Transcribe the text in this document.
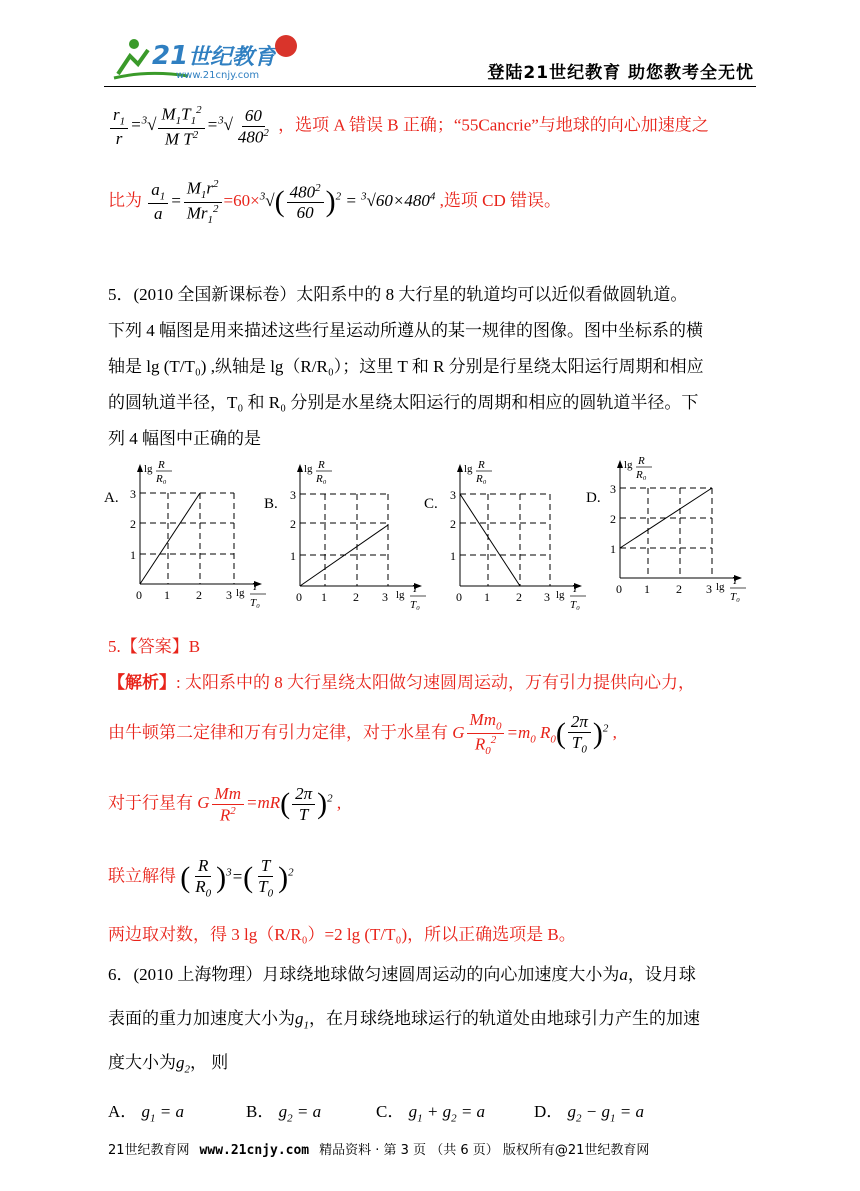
21 世纪教育
www.21cnjy.com	登陆21世纪教育 助您教考全无忧
$\frac{r_1}{r} =^3√ \frac{M_1T_1^2}{M T^2} =^3√ \frac{60}{480^2}$ ，选项 A 错误 B 正确；“55Cancrie”与地球的向心加速度之
比为 $\frac{a_1}{a} = \frac{M_1r^2}{Mr_1^2} =60\times^3√( \frac{480^2}{60} )^2 = ^3√60\times 480^4$ ,选项 CD 错误。
5．(2010 全国新课标卷）太阳系中的 8 大行星的轨道均可以近似看做圆轨道。
下列 4 幅图是用来描述这些行星运动所遵从的某一规律的图像。图中坐标系的横
轴是 lg (T/T₀) ,纵轴是 lg（R/R₀）；这里 T 和 R 分别是行星绕太阳运行周期和相应
的圆轨道半径，T₀ 和 R₀ 分别是水星绕太阳运行的周期和相应的圆轨道半径。下
列 4 幅图中正确的是
A. 3
2
1
0 1 2 3
lg R
R₀
lg T
T₀
B.
3
2
1
0 1 2 3
lg R
R₀
lg T
T₀
C.
3
2
1
0 1 2 3
lg R
R₀
lg T
T₀
D.
3
2
1
0 1 2 3
lg R
R₀
lg T
T₀
5.【答案】B
【解析】: 太阳系中的 8 大行星绕太阳做匀速圆周运动，万有引力提供向心力，
由牛顿第二定律和万有引力定律，对于水星有 G $\frac{Mm_0}{R_0^2} =m_0$ $R_0( \frac{2\pi}{T_0} )^2$ ,
对于行星有 G $\frac{Mm}{R^2} =mR( \frac{2\pi}{T} )^2$ ,
联立解得 ( $\frac{R}{R_0} )^3=( \frac{T}{T_0} )^2$
两边取对数，得 3 lg（R/R₀）=2 lg (T/T₀)，所以正确选项是 B。
6．(2010 上海物理）月球绕地球做匀速圆周运动的向心加速度大小为a，设月球
表面的重力加速度大小为$g_1$，在月球绕地球运行的轨道处由地球引力产生的加速
度大小为$g_2$， 则
A． $g_1 = a$	B． $g_2 = a$	C． $g_1 + g_2 = a$	D． $g_2 - g_1 = a$
21世纪教育网 www.21cnjy.com 精品资料 · 第 3 页 （共 6 页） 版权所有@21世纪教育网
